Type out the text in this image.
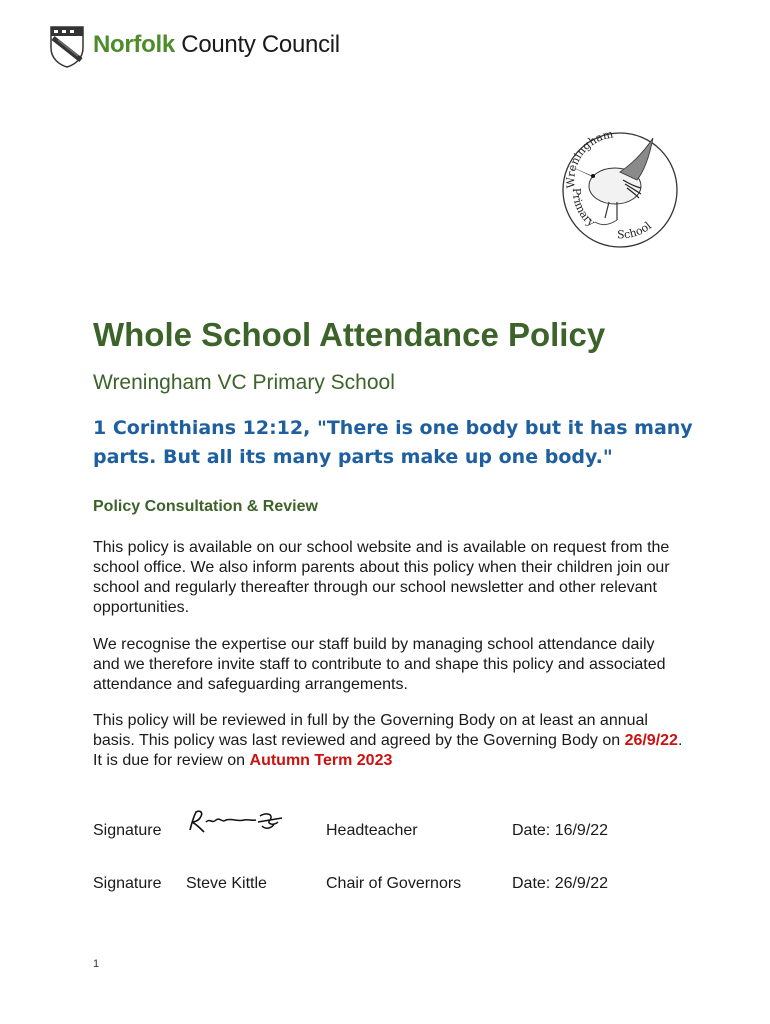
Norfolk County Council
Wreningham
Primary
School
Whole School Attendance Policy
Wreningham VC Primary School
1 Corinthians 12:12, "There is one body but it has many
parts. But all its many parts make up one body."
Policy Consultation & Review
This policy is available on our school website and is available on request from the school office. We also inform parents about this policy when their children join our school and regularly thereafter through our school newsletter and other relevant opportunities.
We recognise the expertise our staff build by managing school attendance daily and we therefore invite staff to contribute to and shape this policy and associated attendance and safeguarding arrangements.
This policy will be reviewed in full by the Governing Body on at least an annual basis. This policy was last reviewed and agreed by the Governing Body on 26/9/22. It is due for review on Autumn Term 2023
Signature	Headteacher	Date: 16/9/22
Signature Steve Kittle	Chair of Governors	Date: 26/9/22
1
